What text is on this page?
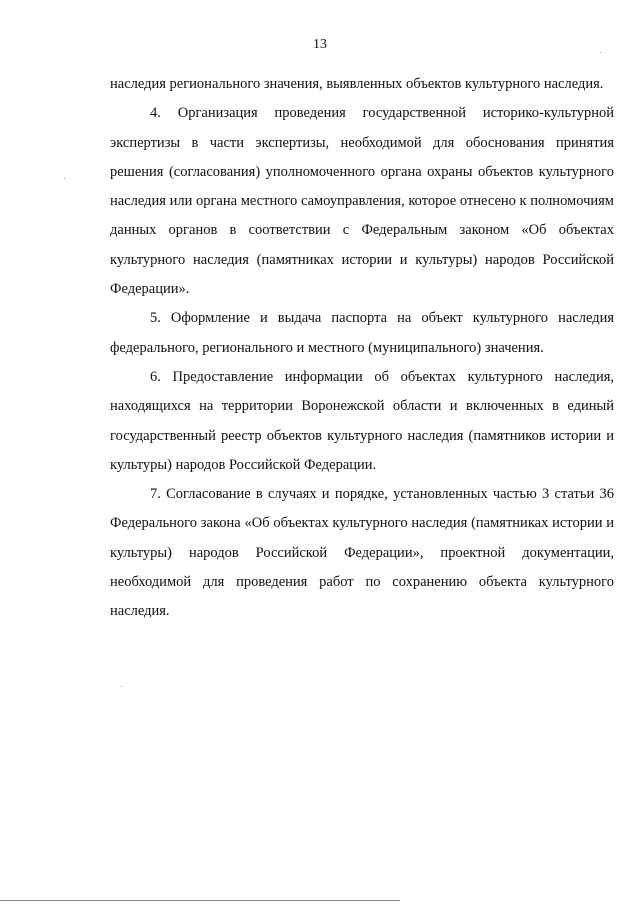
13

наследия регионального значения, выявленных объектов культурного наследия.

4. Организация проведения государственной историко-культурной экспертизы в части экспертизы, необходимой для обоснования принятия решения (согласования) уполномоченного органа охраны объектов культурного наследия или органа местного самоуправления, которое отнесено к полномочиям данных органов в соответствии с Федеральным законом «Об объектах культурного наследия (памятниках истории и культуры) народов Российской Федерации».

5. Оформление и выдача паспорта на объект культурного наследия федерального, регионального и местного (муниципального) значения.

6. Предоставление информации об объектах культурного наследия, находящихся на территории Воронежской области и включенных в единый государственный реестр объектов культурного наследия (памятников истории и культуры) народов Российской Федерации.

7. Согласование в случаях и порядке, установленных частью 3 статьи 36 Федерального закона «Об объектах культурного наследия (памятниках истории и культуры) народов Российской Федерации», проектной документации, необходимой для проведения работ по сохранению объекта культурного наследия.
